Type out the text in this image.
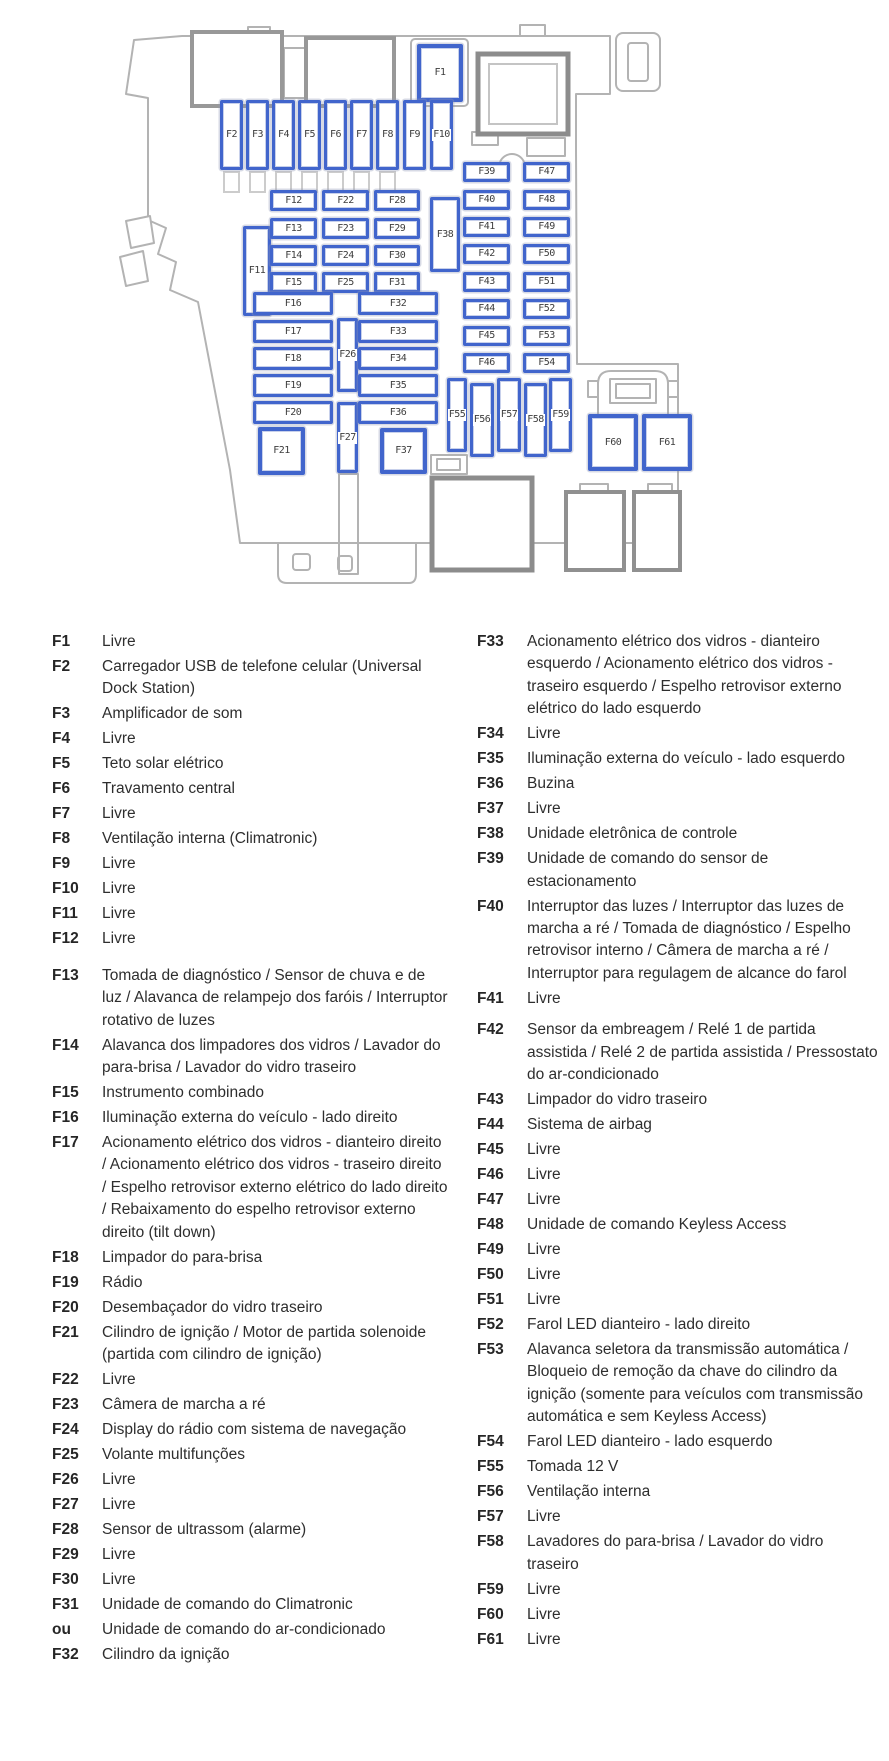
F1
F2 F3 F4 F5 F6 F7 F8 F9 F10
F11
F12
F13
F14
F15
F22
F23
F24
F25
F28
F29
F30
F31
F16
F17
F18
F19
F20
F26
F27
F32
F33
F34
F35
F36
F21	F37
F38
F39
F40
F41
F42
F43
F44
F45
F46
F47
F48
F49
F50
F51
F52
F53
F54
F55 F56 F57 F58 F59
F60	F61
F1	Livre
F2	Carregador USB de telefone celular (Universal Dock Station)
F3	Amplificador de som
F4	Livre
F5	Teto solar elétrico
F6	Travamento central
F7	Livre
F8	Ventilação interna (Climatronic)
F9	Livre
F10	Livre
F11	Livre
F12	Livre
F13	Tomada de diagnóstico / Sensor de chuva e de luz / Alavanca de relampejo dos faróis / Interruptor rotativo de luzes
F14	Alavanca dos limpadores dos vidros / Lavador do para-brisa / Lavador do vidro traseiro
F15	Instrumento combinado
F16	Iluminação externa do veículo - lado direito
F17	Acionamento elétrico dos vidros - dianteiro direito / Acionamento elétrico dos vidros - traseiro direito / Espelho retrovisor externo elétrico do lado direito / Rebaixamento do espelho retrovisor externo direito (tilt down)
F18	Limpador do para-brisa
F19	Rádio
F20	Desembaçador do vidro traseiro
F21	Cilindro de ignição / Motor de partida solenoide (partida com cilindro de ignição)
F22	Livre
F23	Câmera de marcha a ré
F24	Display do rádio com sistema de navegação
F25	Volante multifunções
F26	Livre
F27	Livre
F28	Sensor de ultrassom (alarme)
F29	Livre
F30	Livre
F31	Unidade de comando do Climatronic
ou	Unidade de comando do ar-condicionado
F32	Cilindro da ignição
F33	Acionamento elétrico dos vidros - dianteiro esquerdo / Acionamento elétrico dos vidros - traseiro esquerdo / Espelho retrovisor externo elétrico do lado esquerdo
F34	Livre
F35	Iluminação externa do veículo - lado esquerdo
F36	Buzina
F37	Livre
F38	Unidade eletrônica de controle
F39	Unidade de comando do sensor de estacionamento
F40	Interruptor das luzes / Interruptor das luzes de marcha a ré / Tomada de diagnóstico / Espelho retrovisor interno / Câmera de marcha a ré / Interruptor para regulagem de alcance do farol
F41	Livre
F42	Sensor da embreagem / Relé 1 de partida assistida / Relé 2 de partida assistida / Pressostato do ar-condicionado
F43	Limpador do vidro traseiro
F44	Sistema de airbag
F45	Livre
F46	Livre
F47	Livre
F48	Unidade de comando Keyless Access
F49	Livre
F50	Livre
F51	Livre
F52	Farol LED dianteiro - lado direito
F53	Alavanca seletora da transmissão automática / Bloqueio de remoção da chave do cilindro da ignição (somente para veículos com transmissão automática e sem Keyless Access)
F54	Farol LED dianteiro - lado esquerdo
F55	Tomada 12 V
F56	Ventilação interna
F57	Livre
F58	Lavadores do para-brisa / Lavador do vidro traseiro
F59	Livre
F60	Livre
F61	Livre
